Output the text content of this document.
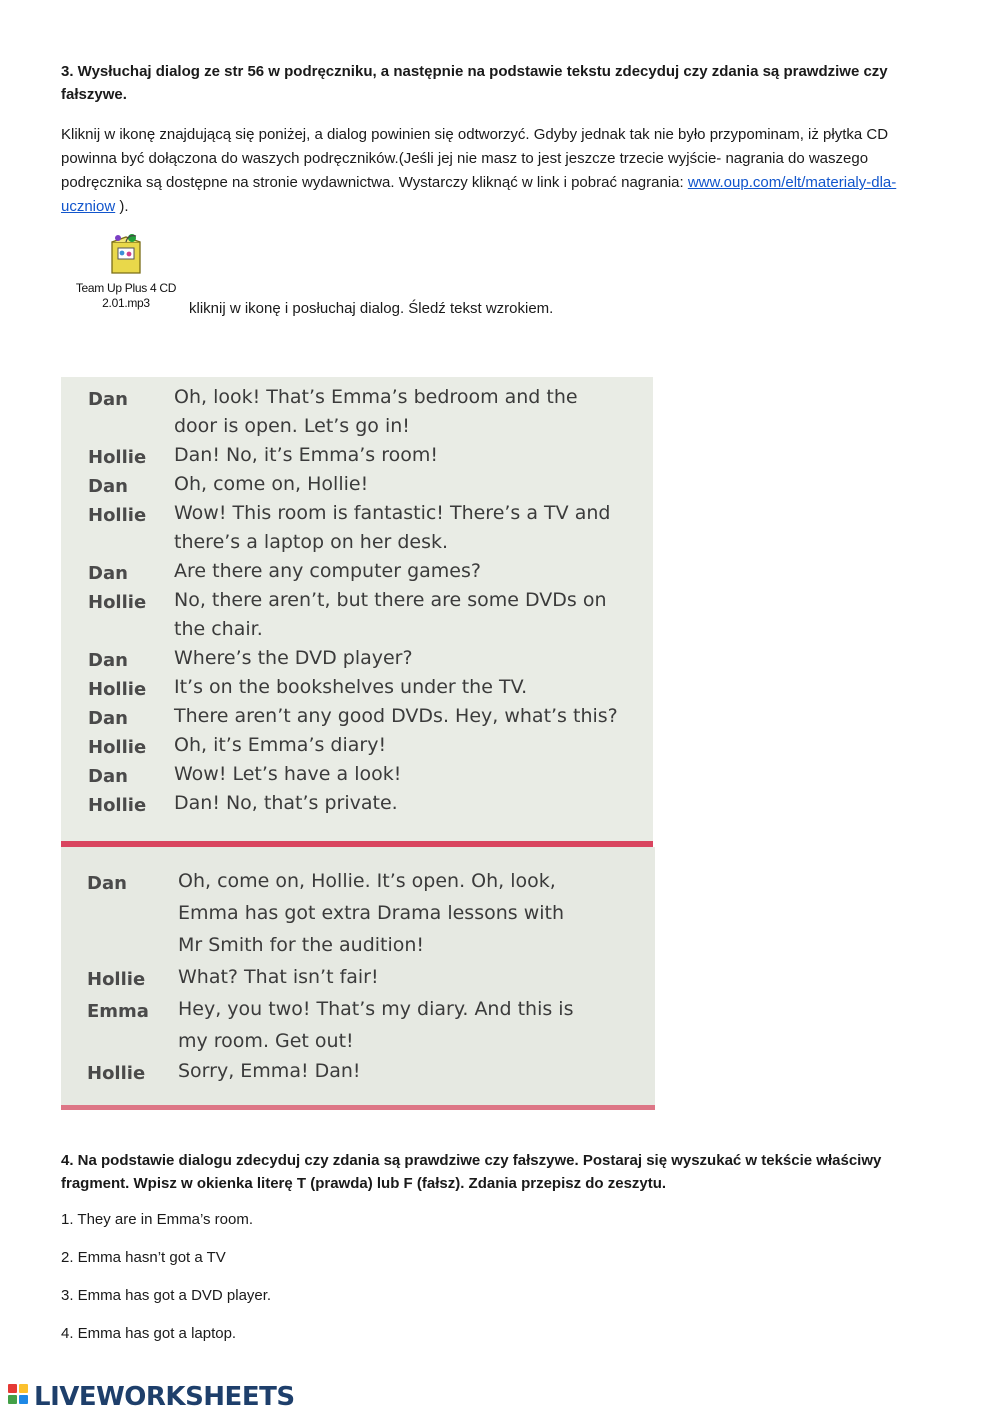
3. Wysłuchaj dialog ze str 56 w podręczniku, a następnie na podstawie tekstu zdecyduj czy zdania są prawdziwe czy fałszywe.
Kliknij w ikonę znajdującą się poniżej, a dialog powinien się odtworzyć. Gdyby jednak tak nie było przypominam, iż płytka CD powinna być dołączona do waszych podręczników.(Jeśli jej nie masz to jest jeszcze trzecie wyjście- nagrania do waszego podręcznika są dostępne na stronie wydawnictwa. Wystarczy kliknąć w link i pobrać nagrania: www.oup.com/elt/materialy-dla-uczniow ).
Team Up Plus 4 CD
2.01.mp3	kliknij w ikonę i posłuchaj dialog. Śledź tekst wzrokiem.
Dan Oh, look! That’s Emma’s bedroom and the
door is open. Let’s go in!
Hollie Dan! No, it’s Emma’s room!
Dan Oh, come on, Hollie!
Hollie Wow! This room is fantastic! There’s a TV and
there’s a laptop on her desk.
Dan Are there any computer games?
Hollie No, there aren’t, but there are some DVDs on
the chair.
Dan Where’s the DVD player?
Hollie It’s on the bookshelves under the TV.
Dan There aren’t any good DVDs. Hey, what’s this?
Hollie Oh, it’s Emma’s diary!
Dan Wow! Let’s have a look!
Hollie Dan! No, that’s private.
Dan	Oh, come on, Hollie. It’s open. Oh, look,
Emma has got extra Drama lessons with
Mr Smith for the audition!
Hollie What? That isn’t fair!
Emma Hey, you two! That’s my diary. And this is
my room. Get out!
Hollie Sorry, Emma! Dan!
4. Na podstawie dialogu zdecyduj czy zdania są prawdziwe czy fałszywe. Postaraj się wyszukać w tekście właściwy fragment. Wpisz w okienka literę T (prawda) lub F (fałsz). Zdania przepisz do zeszytu.
1. They are in Emma’s room.
2. Emma hasn’t got a TV
3. Emma has got a DVD player.
4. Emma has got a laptop.
LIVEWORKSHEETS
